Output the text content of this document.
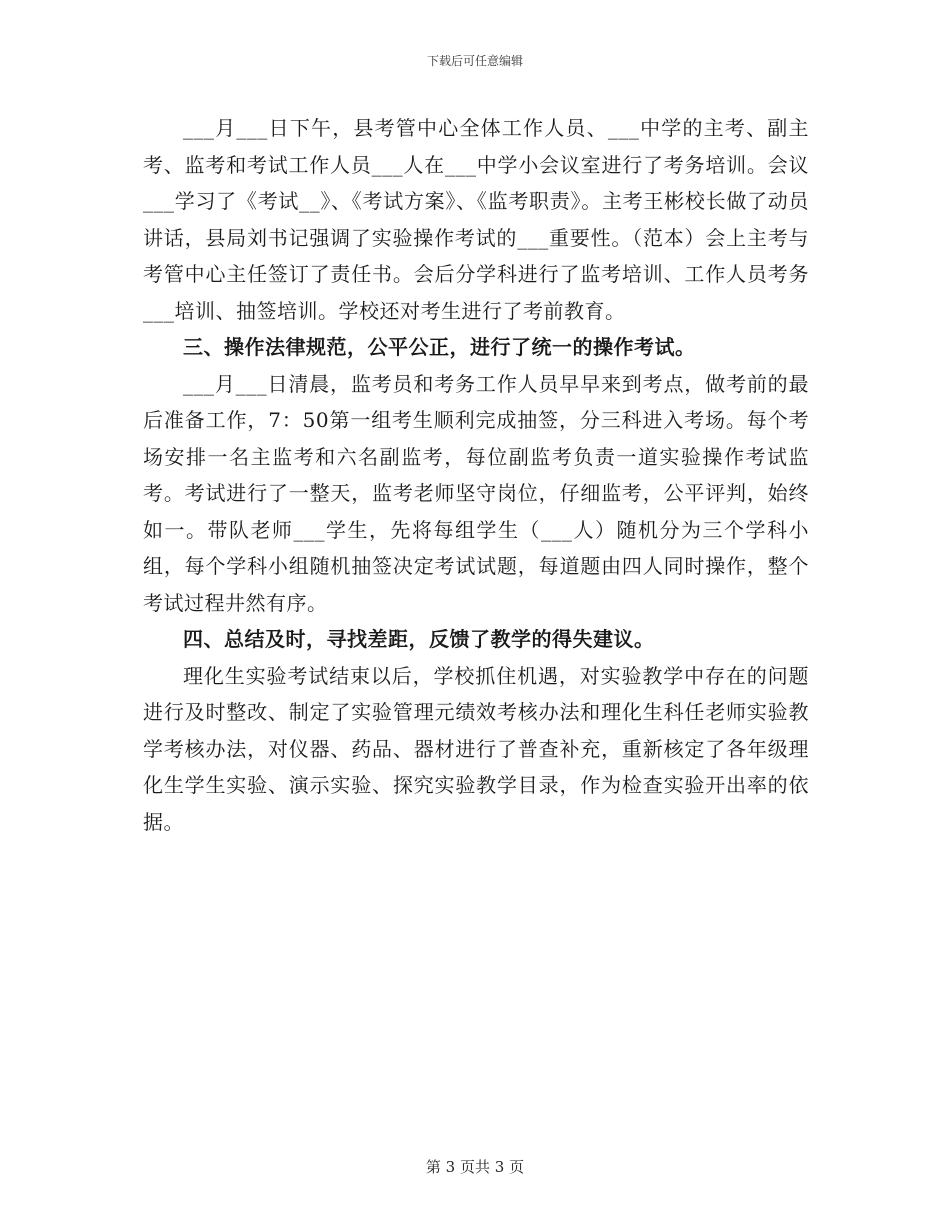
下载后可任意编辑

___月___日下午，县考管中心全体工作人员、___中学的主考、副主考、监考和考试工作人员___人在___中学小会议室进行了考务培训。会议___学习了《考试__》、《考试方案》、《监考职责》。主考王彬校长做了动员讲话，县局刘书记强调了实验操作考试的___重要性。（范本）会上主考与考管中心主任签订了责任书。会后分学科进行了监考培训、工作人员考务___培训、抽签培训。学校还对考生进行了考前教育。

三、操作法律规范，公平公正，进行了统一的操作考试。

___月___日清晨，监考员和考务工作人员早早来到考点，做考前的最后准备工作，7：50第一组考生顺利完成抽签，分三科进入考场。每个考场安排一名主监考和六名副监考，每位副监考负责一道实验操作考试监考。考试进行了一整天，监考老师坚守岗位，仔细监考，公平评判，始终如一。带队老师___学生，先将每组学生（___人）随机分为三个学科小组，每个学科小组随机抽签决定考试试题，每道题由四人同时操作，整个考试过程井然有序。

四、总结及时，寻找差距，反馈了教学的得失建议。

理化生实验考试结束以后，学校抓住机遇，对实验教学中存在的问题进行及时整改、制定了实验管理元绩效考核办法和理化生科任老师实验教学考核办法，对仪器、药品、器材进行了普查补充，重新核定了各年级理化生学生实验、演示实验、探究实验教学目录，作为检查实验开出率的依据。

第 3 页共 3 页
